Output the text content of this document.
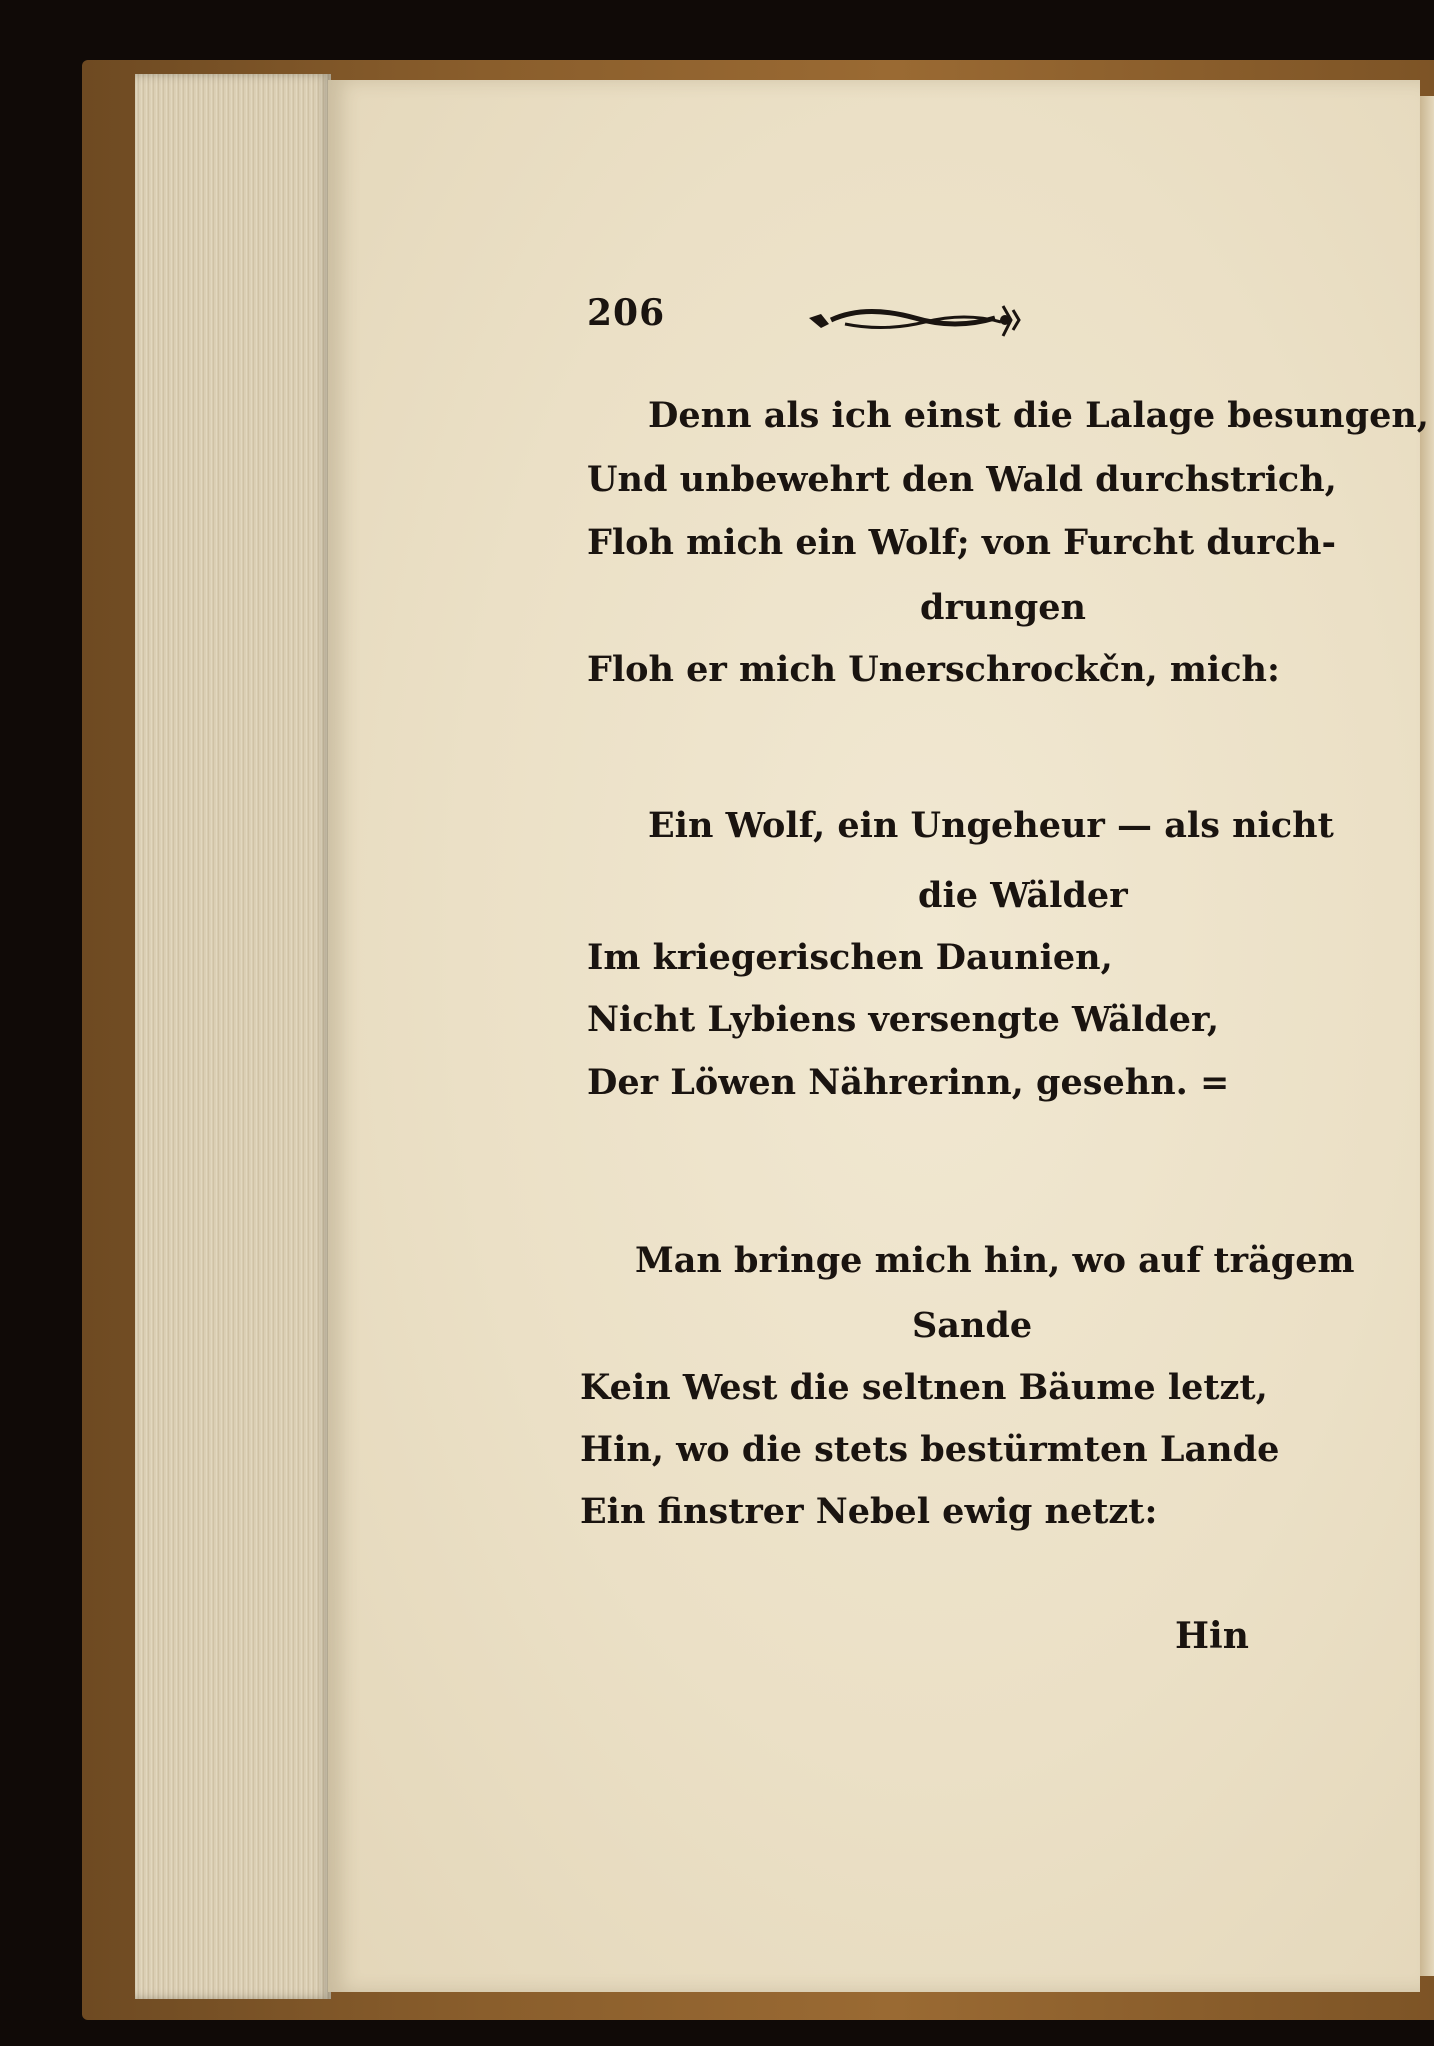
206
Denn als ich einst die Lalage besungen,
Und unbewehrt den Wald durchstrich,
Floh mich ein Wolf; von Furcht durch-
drungen
Floh er mich Unerschrockčn, mich:
Ein Wolf, ein Ungeheur — als nicht
die Wälder
Im kriegerischen Daunien,
Nicht Lybiens versengte Wälder,
Der Löwen Nährerinn, gesehn. =
Man bringe mich hin, wo auf trägem
Sande
Kein West die seltnen Bäume letzt,
Hin, wo die stets bestürmten Lande
Ein finstrer Nebel ewig netzt:
Hin
